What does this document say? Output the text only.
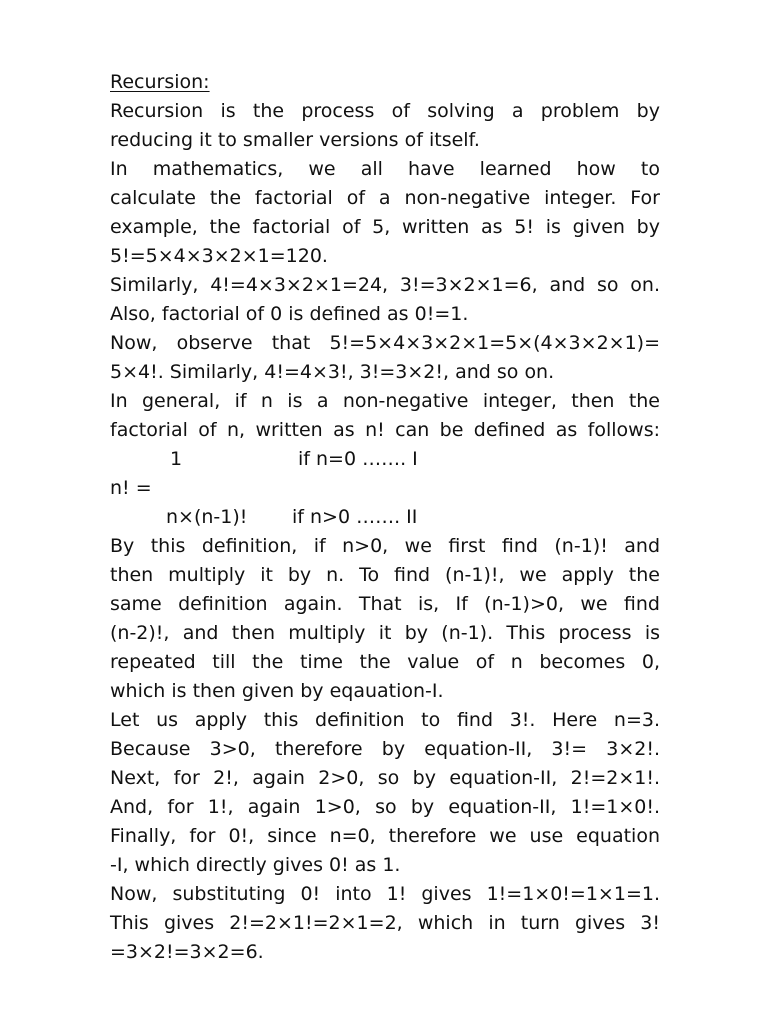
Recursion:

Recursion is the process of solving a problem by

reducing it to smaller versions of itself.

In mathematics, we all have learned how to

calculate the factorial of a non-negative integer. For

example, the factorial of 5, written as 5! is given by

5!=5×4×3×2×1=120.

Similarly, 4!=4×3×2×1=24, 3!=3×2×1=6, and so on.

Also, factorial of 0 is defined as 0!=1.

Now, observe that 5!=5×4×3×2×1=5×(4×3×2×1)=

5×4!. Similarly, 4!=4×3!, 3!=3×2!, and so on.

In general, if n is a non-negative integer, then the

factorial of n, written as n! can be defined as follows:

1	if n=0 ……. I
n! =
n×(n-1)! if n>0 ……. II

By this definition, if n>0, we first find (n-1)! and

then multiply it by n. To find (n-1)!, we apply the

same definition again. That is, If (n-1)>0, we find

(n-2)!, and then multiply it by (n-1). This process is

repeated till the time the value of n becomes 0,

which is then given by eqauation-I.

Let us apply this definition to find 3!. Here n=3.

Because 3>0, therefore by equation-II, 3!= 3×2!.

Next, for 2!, again 2>0, so by equation-II, 2!=2×1!.

And, for 1!, again 1>0, so by equation-II, 1!=1×0!.

Finally, for 0!, since n=0, therefore we use equation

-I, which directly gives 0! as 1.

Now, substituting 0! into 1! gives 1!=1×0!=1×1=1.

This gives 2!=2×1!=2×1=2, which in turn gives 3!

=3×2!=3×2=6.
